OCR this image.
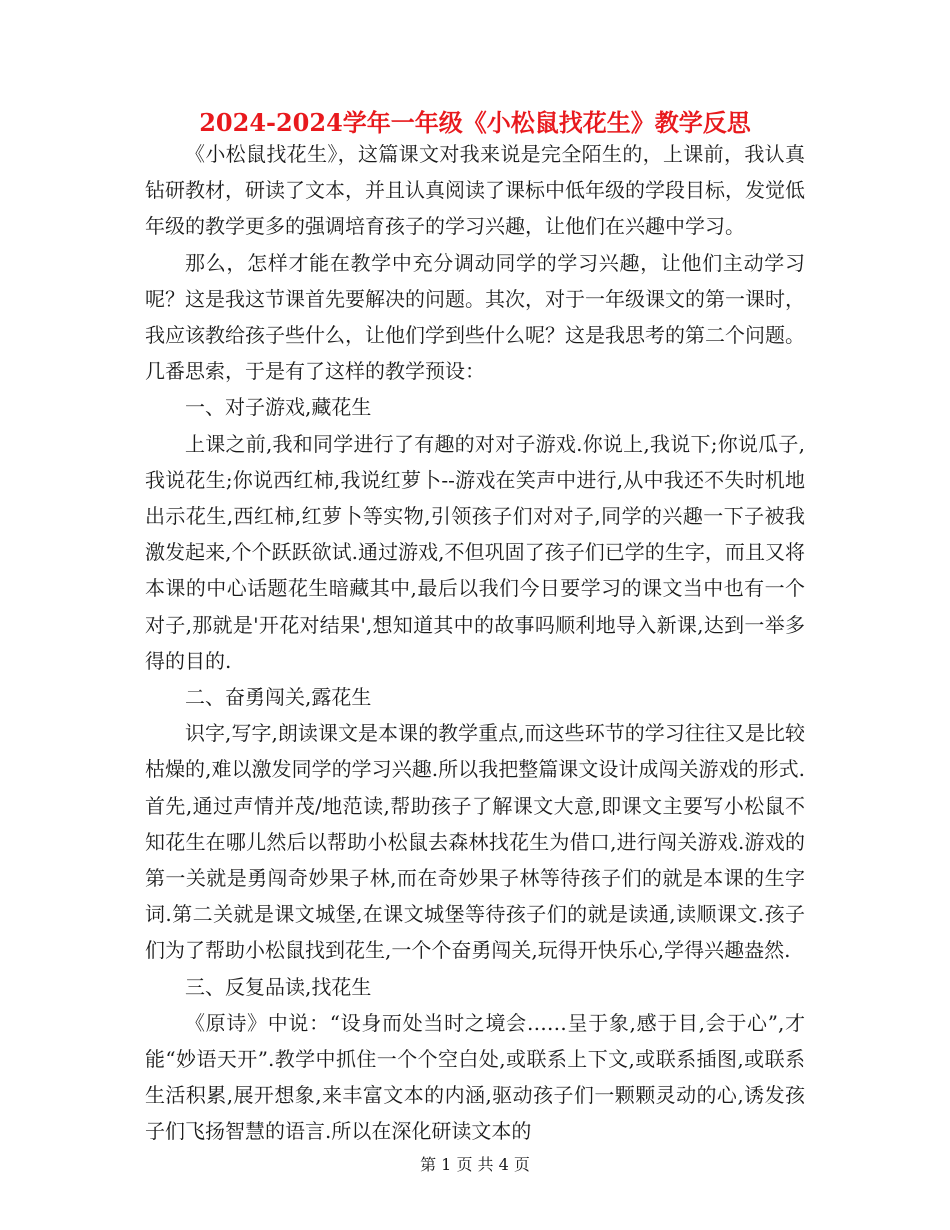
2024-2024学年一年级《小松鼠找花生》教学反思

《小松鼠找花生》，这篇课文对我来说是完全陌生的，上课前，我认真钻研教材，研读了文本，并且认真阅读了课标中低年级的学段目标，发觉低年级的教学更多的强调培育孩子的学习兴趣，让他们在兴趣中学习。

那么，怎样才能在教学中充分调动同学的学习兴趣，让他们主动学习呢？这是我这节课首先要解决的问题。其次，对于一年级课文的第一课时，我应该教给孩子些什么，让他们学到些什么呢？这是我思考的第二个问题。几番思索，于是有了这样的教学预设：

一、对子游戏,藏花生

上课之前,我和同学进行了有趣的对对子游戏.你说上,我说下;你说瓜子,我说花生;你说西红柿,我说红萝卜--游戏在笑声中进行,从中我还不失时机地出示花生,西红柿,红萝卜等实物,引领孩子们对对子,同学的兴趣一下子被我激发起来,个个跃跃欲试.通过游戏,不但巩固了孩子们已学的生字，而且又将本课的中心话题花生暗藏其中,最后以我们今日要学习的课文当中也有一个对子,那就是'开花对结果',想知道其中的故事吗顺利地导入新课,达到一举多得的目的.

二、奋勇闯关,露花生

识字,写字,朗读课文是本课的教学重点,而这些环节的学习往往又是比较枯燥的,难以激发同学的学习兴趣.所以我把整篇课文设计成闯关游戏的形式.首先,通过声情并茂/地范读,帮助孩子了解课文大意,即课文主要写小松鼠不知花生在哪儿然后以帮助小松鼠去森林找花生为借口,进行闯关游戏.游戏的第一关就是勇闯奇妙果子林,而在奇妙果子林等待孩子们的就是本课的生字词.第二关就是课文城堡,在课文城堡等待孩子们的就是读通,读顺课文.孩子们为了帮助小松鼠找到花生,一个个奋勇闯关,玩得开快乐心,学得兴趣盎然.

三、反复品读,找花生

《原诗》中说：“设身而处当时之境会……呈于象,感于目,会于心”,才能“妙语天开”.教学中抓住一个个空白处,或联系上下文,或联系插图,或联系生活积累,展开想象,来丰富文本的内涵,驱动孩子们一颗颗灵动的心,诱发孩子们飞扬智慧的语言.所以在深化研读文本的

第 1 页 共 4 页
